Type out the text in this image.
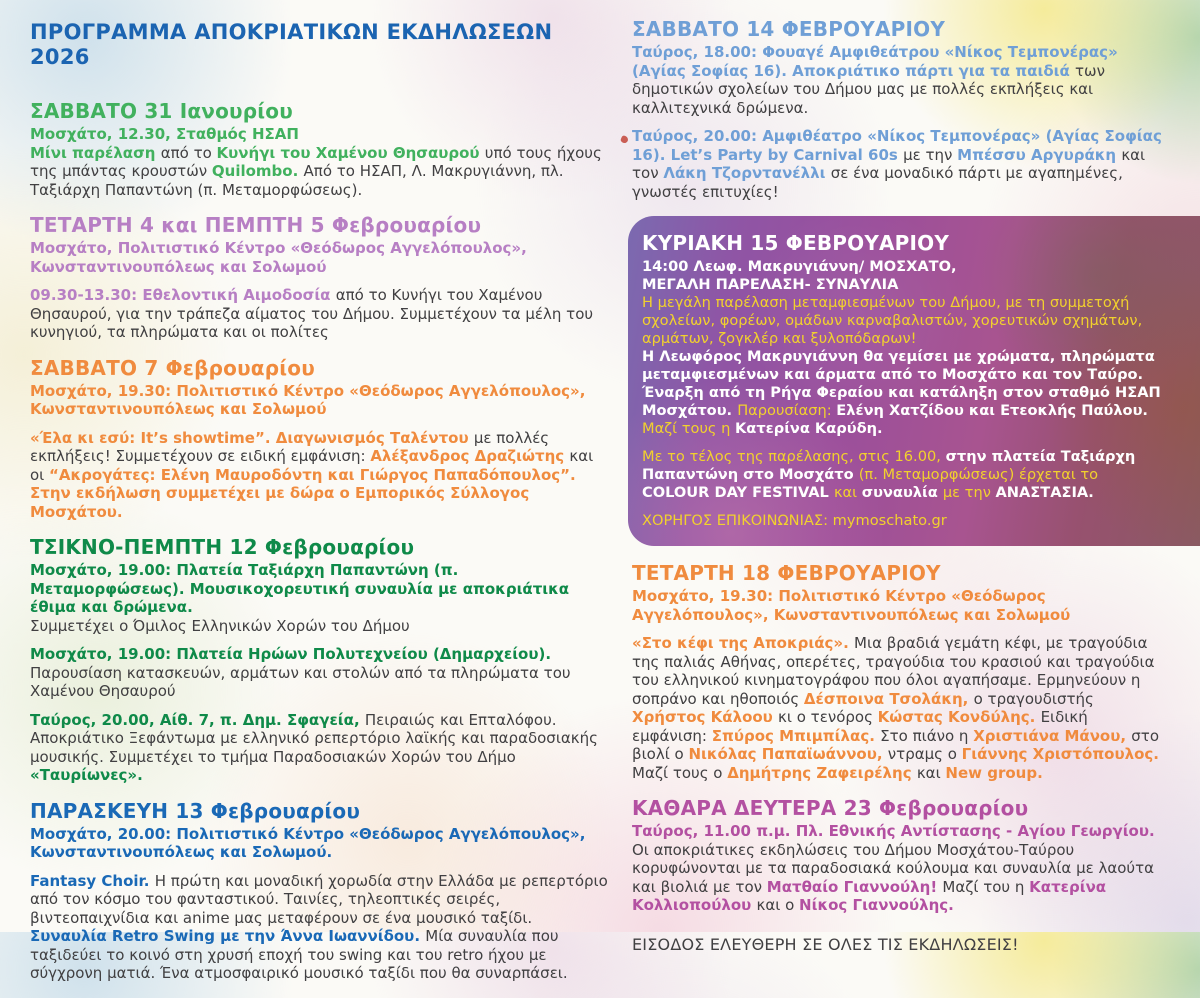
ΠΡΟΓΡΑΜΜΑ ΑΠΟΚΡΙΑΤΙΚΩΝ ΕΚΔΗΛΩΣΕΩΝ 2026
ΣΑΒΒΑΤΟ 31 Ιανουρίου

Μοσχάτο, 12.30, Σταθμός ΗΣΑΠ

Μίνι παρέλαση από το Κυνήγι του Χαμένου Θησαυρού υπό τους ήχους της μπάντας κρουστών Quilombo. Από το ΗΣΑΠ, Λ. Μακρυγιάννη, πλ. Ταξιάρχη Παπαντώνη (π. Μεταμορφώσεως).

ΤΕΤΑΡΤΗ 4 και ΠΕΜΠΤΗ 5 Φεβρουαρίου

Μοσχάτο, Πολιτιστικό Κέντρο «Θεόδωρος Αγγελόπουλος», Κωνσταντινουπόλεως και Σολωμού

09.30-13.30: Εθελοντική Αιμοδοσία από το Κυνήγι του Χαμένου Θησαυρού, για την τράπεζα αίματος του Δήμου. Συμμετέχουν τα μέλη του κυνηγιού, τα πληρώματα και οι πολίτες

ΣΑΒΒΑΤΟ 7 Φεβρουαρίου

Μοσχάτο, 19.30: Πολιτιστικό Κέντρο «Θεόδωρος Αγγελόπουλος», Κωνσταντινουπόλεως και Σολωμού

«Έλα κι εσύ: It’s showtime”. Διαγωνισμός Ταλέντου με πολλές εκπλήξεις! Συμμετέχουν σε ειδική εμφάνιση: Αλέξανδρος Δραζιώτης και οι “Ακρογάτες: Ελένη Μαυροδόντη και Γιώργος Παπαδόπουλος”. Στην εκδήλωση συμμετέχει με δώρα ο Εμπορικός Σύλλογος Μοσχάτου.

ΤΣΙΚΝΟ-ΠΕΜΠΤΗ 12 Φεβρουαρίου

Μοσχάτο, 19.00: Πλατεία Ταξιάρχη Παπαντώνη (π. Μεταμορφώσεως). Μουσικοχορευτική συναυλία με αποκριάτικα έθιμα και δρώμενα.

Συμμετέχει ο Όμιλος Ελληνικών Χορών του Δήμου

Μοσχάτο, 19.00: Πλατεία Ηρώων Πολυτεχνείου (Δημαρχείου).

Παρουσίαση κατασκευών, αρμάτων και στολών από τα πληρώματα του Χαμένου Θησαυρού

Ταύρος, 20.00, Αίθ. 7, π. Δημ. Σφαγεία, Πειραιώς και Επταλόφου. Αποκριάτικο Ξεφάντωμα με ελληνικό ρεπερτόριο λαϊκής και παραδοσιακής μουσικής. Συμμετέχει το τμήμα Παραδοσιακών Χορών του Δήμο «Ταυρίωνες».

ΠΑΡΑΣΚΕΥΗ 13 Φεβρουαρίου

Μοσχάτο, 20.00: Πολιτιστικό Κέντρο «Θεόδωρος Αγγελόπουλος», Κωνσταντινουπόλεως και Σολωμού.

Fantasy Choir. Η πρώτη και μοναδική χορωδία στην Ελλάδα με ρεπερτόριο από τον κόσμο του φανταστικού. Ταινίες, τηλεοπτικές σειρές, βιντεοπαιχνίδια και anime μας μεταφέρουν σε ένα μουσικό ταξίδι.

Συναυλία Retro Swing με την Άννα Ιωαννίδου. Μία συναυλία που ταξιδεύει το κοινό στη χρυσή εποχή του swing και του retro ήχου με σύγχρονη ματιά. Ένα ατμοσφαιρικό μουσικό ταξίδι που θα συναρπάσει.

ΣΑΒΒΑΤΟ 14 ΦΕΒΡΟΥΑΡΙΟΥ

Ταύρος, 18.00: Φουαγέ Αμφιθεάτρου «Νίκος Τεμπονέρας» (Αγίας Σοφίας 16). Αποκριάτικο πάρτι για τα παιδιά των δημοτικών σχολείων του Δήμου μας με πολλές εκπλήξεις και καλλιτεχνικά δρώμενα.

Ταύρος, 20.00: Αμφιθέατρο «Νίκος Τεμπονέρας» (Αγίας Σοφίας 16). Let’s Party by Carnival 60s με την Μπέσσυ Αργυράκη και τον Λάκη Τζορντανέλλι σε ένα μοναδικό πάρτι με αγαπημένες, γνωστές επιτυχίες!

ΚΥΡΙΑΚΗ 15 ΦΕΒΡΟΥΑΡΙΟΥ

14:00 Λεωφ. Μακρυγιάννη/ ΜΟΣΧΑΤΟ,

ΜΕΓΑΛΗ ΠΑΡΕΛΑΣΗ- ΣΥΝΑΥΛΙΑ

Η μεγάλη παρέλαση μεταμφιεσμένων του Δήμου, με τη συμμετοχή σχολείων, φορέων, ομάδων καρναβαλιστών, χορευτικών σχημάτων, αρμάτων, ζογκλέρ και ξυλοπόδαρων!

Η Λεωφόρος Μακρυγιάννη θα γεμίσει με χρώματα, πληρώματα μεταμφιεσμένων και άρματα από το Μοσχάτο και τον Ταύρο. Έναρξη από τη Ρήγα Φεραίου και κατάληξη στον σταθμό ΗΣΑΠ Μοσχάτου. Παρουσίαση: Ελένη Χατζίδου και Ετεοκλής Παύλου. Μαζί τους η Κατερίνα Καρύδη.

Με το τέλος της παρέλασης, στις 16.00, στην πλατεία Ταξιάρχη Παπαντώνη στο Μοσχάτο (π. Μεταμορφώσεως) έρχεται το COLOUR DAY FESTIVAL και συναυλία με την ΑΝΑΣΤΑΣΙΑ.

ΧΟΡΗΓΟΣ ΕΠΙΚΟΙΝΩΝΙΑΣ: mymoschato.gr

ΤΕΤΑΡΤΗ 18 ΦΕΒΡΟΥΑΡΙΟΥ

Μοσχάτο, 19.30: Πολιτιστικό Κέντρο «Θεόδωρος Αγγελόπουλος», Κωνσταντινουπόλεως και Σολωμού

«Στο κέφι της Αποκριάς». Μια βραδιά γεμάτη κέφι, με τραγούδια της παλιάς Αθήνας, οπερέτες, τραγούδια του κρασιού και τραγούδια του ελληνικού κινηματογράφου που όλοι αγαπήσαμε. Ερμηνεύουν η σοπράνο και ηθοποιός Δέσποινα Τσολάκη, ο τραγουδιστής Χρήστος Κάλοου κι ο τενόρος Κώστας Κονδύλης. Ειδική εμφάνιση: Σπύρος Μπιμπίλας. Στο πιάνο η Χριστιάνα Μάνου, στο βιολί ο Νικόλας Παπαϊωάννου, ντραμς ο Γιάννης Χριστόπουλος. Μαζί τους ο Δημήτρης Ζαφειρέλης και New group.

ΚΑΘΑΡΑ ΔΕΥΤΕΡΑ 23 Φεβρουαρίου

Ταύρος, 11.00 π.μ. Πλ. Εθνικής Αντίστασης - Αγίου Γεωργίου. Οι αποκριάτικες εκδηλώσεις του Δήμου Μοσχάτου-Ταύρου κορυφώνονται με τα παραδοσιακά κούλουμα και συναυλία με λαούτα και βιολιά με τον Ματθαίο Γιαννούλη! Μαζί του η Κατερίνα Κολλιοπούλου και ο Νίκος Γιαννούλης.

ΕΙΣΟΔΟΣ ΕΛΕΥΘΕΡΗ ΣΕ ΟΛΕΣ ΤΙΣ ΕΚΔΗΛΩΣΕΙΣ!
